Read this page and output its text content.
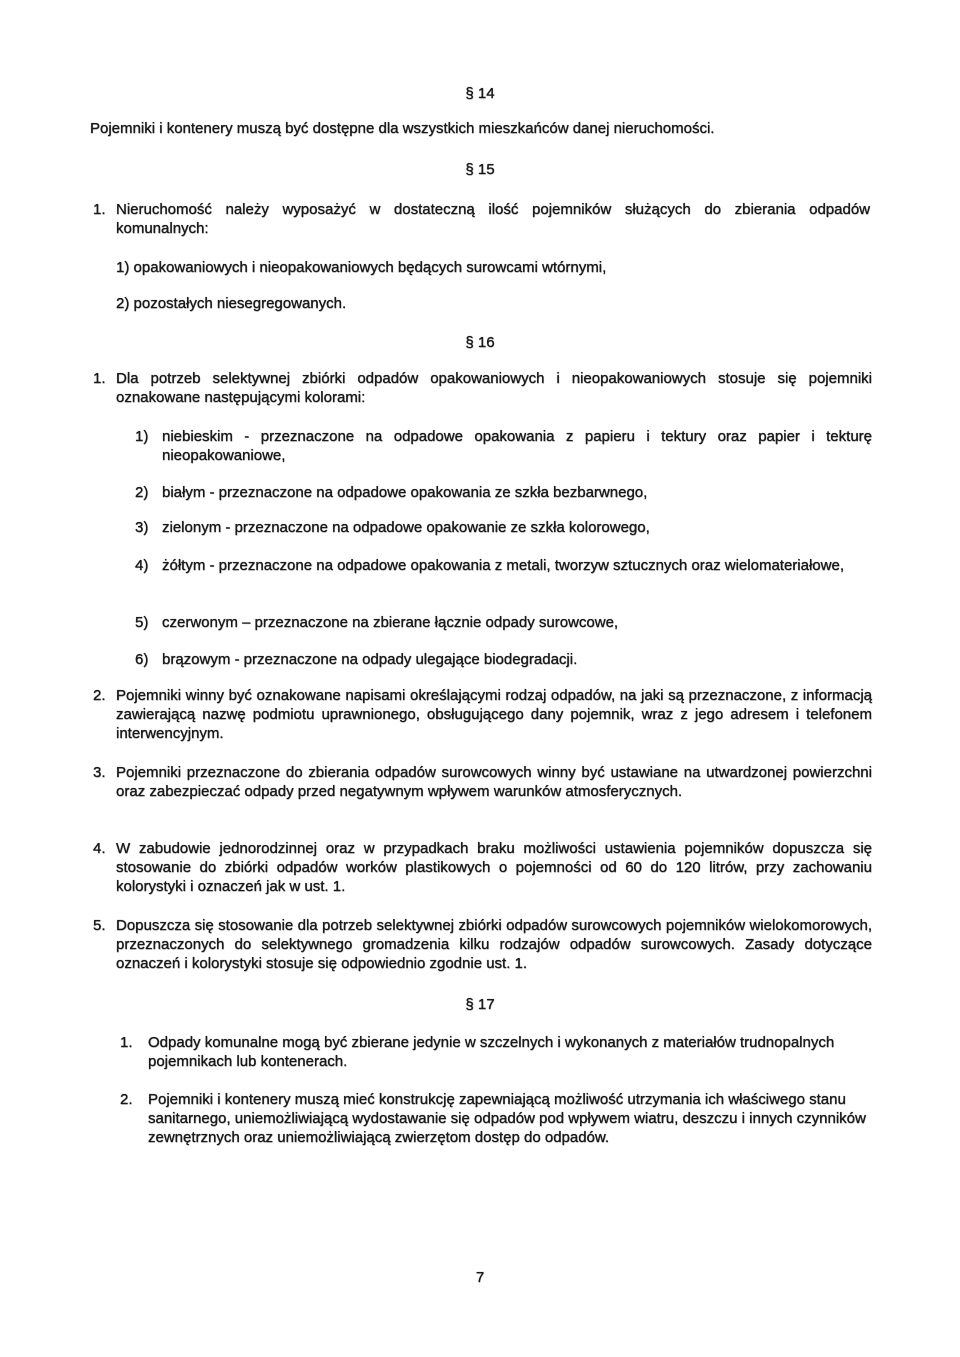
§ 14
Pojemniki i kontenery muszą być dostępne dla wszystkich mieszkańców danej nieruchomości.
§ 15
1. Nieruchomość należy wyposażyć w dostateczną ilość pojemników służących do zbierania odpadów komunalnych:
1) opakowaniowych i nieopakowaniowych będących surowcami wtórnymi,
2) pozostałych niesegregowanych.
§ 16
1. Dla potrzeb selektywnej zbiórki odpadów opakowaniowych i nieopakowaniowych stosuje się pojemniki oznakowane następującymi kolorami:
1) niebieskim - przeznaczone na odpadowe opakowania z papieru i tektury oraz papier i tekturę nieopakowaniowe,
2) białym - przeznaczone na odpadowe opakowania ze szkła bezbarwnego,
3) zielonym - przeznaczone na odpadowe opakowanie ze szkła kolorowego,
4) żółtym - przeznaczone na odpadowe opakowania z metali, tworzyw sztucznych oraz wielomateriałowe,
5) czerwonym – przeznaczone na zbierane łącznie odpady surowcowe,
6) brązowym - przeznaczone na odpady ulegające biodegradacji.
2. Pojemniki winny być oznakowane napisami określającymi rodzaj odpadów, na jaki są przeznaczone, z informacją zawierającą nazwę podmiotu uprawnionego, obsługującego dany pojemnik, wraz z jego adresem i telefonem interwencyjnym.
3. Pojemniki przeznaczone do zbierania odpadów surowcowych winny być ustawiane na utwardzonej powierzchni oraz zabezpieczać odpady przed negatywnym wpływem warunków atmosferycznych.
4. W zabudowie jednorodzinnej oraz w przypadkach braku możliwości ustawienia pojemników dopuszcza się stosowanie do zbiórki odpadów worków plastikowych o pojemności od 60 do 120 litrów, przy zachowaniu kolorystyki i oznaczeń jak w ust. 1.
5. Dopuszcza się stosowanie dla potrzeb selektywnej zbiórki odpadów surowcowych pojemników wielokomorowych, przeznaczonych do selektywnego gromadzenia kilku rodzajów odpadów surowcowych. Zasady dotyczące oznaczeń i kolorystyki stosuje się odpowiednio zgodnie ust. 1.
§ 17
1.	Odpady komunalne mogą być zbierane jedynie w szczelnych i wykonanych z materiałów trudnopalnych pojemnikach lub kontenerach.
2.	Pojemniki i kontenery muszą mieć konstrukcję zapewniającą możliwość utrzymania ich właściwego stanu sanitarnego, uniemożliwiającą wydostawanie się odpadów pod wpływem wiatru, deszczu i innych czynników zewnętrznych oraz uniemożliwiającą zwierzętom dostęp do odpadów.
7
